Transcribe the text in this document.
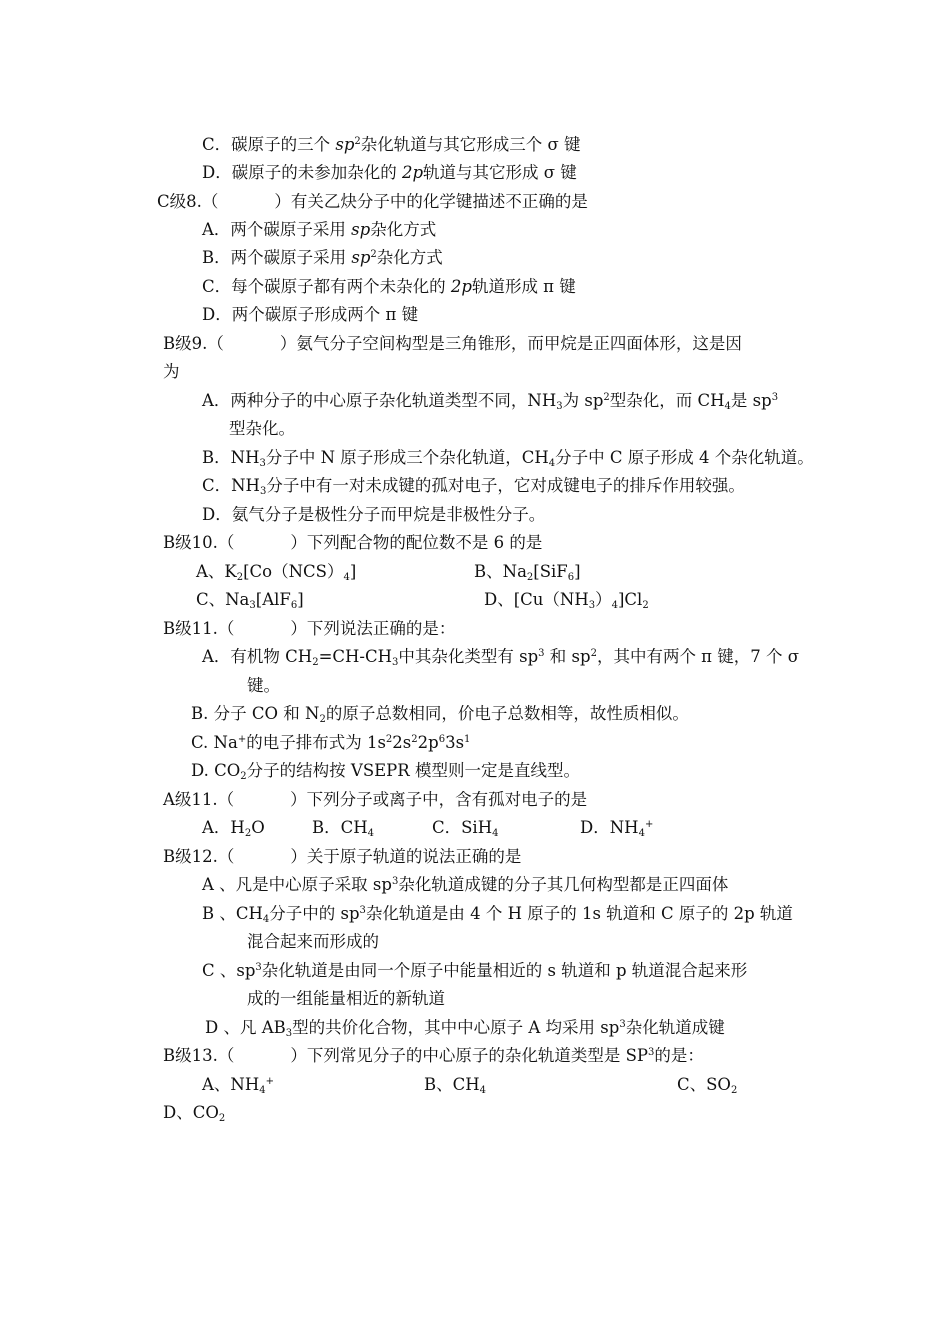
C．碳原子的三个 $sp^2$杂化轨道与其它形成三个 σ 键
D．碳原子的未参加杂化的 2p轨道与其它形成 σ 键
C级8.（	）有关乙炔分子中的化学键描述不正确的是
A．两个碳原子采用 sp杂化方式
B．两个碳原子采用 $sp^2$杂化方式
C．每个碳原子都有两个未杂化的 2p轨道形成 π 键
D．两个碳原子形成两个 π 键
B级9.（	）氨气分子空间构型是三角锥形，而甲烷是正四面体形，这是因
为
A．两种分子的中心原子杂化轨道类型不同，$NH_3$为 $sp^2$型杂化，而 $CH_4$是 $sp^3$
型杂化。
B．$NH_3$分子中 N 原子形成三个杂化轨道，$CH_4$分子中 C 原子形成 4 个杂化轨道。
C．$NH_3$分子中有一对未成键的孤对电子，它对成键电子的排斥作用较强。
D．氨气分子是极性分子而甲烷是非极性分子。
B级10.（	）下列配合物的配位数不是 6 的是
A、$K_2[Co(NCS)_4]$	B、$Na_2[SiF_6]$
C、$Na_3[AlF_6]$	D、$[Cu(NH_3)_4]Cl_2$
B级11.（	）下列说法正确的是：
A．有机物 $CH_2=CH-CH_3$中其杂化类型有 $sp^3$ 和 $sp^2$，其中有两个 π 键，7 个 σ
键。
B. 分子 CO 和 $N_2$的原子总数相同，价电子总数相等，故性质相似。
C. Na+的电子排布式为 $1s^22s^22p^63s^1$
D. $CO_2$分子的结构按 VSEPR 模型则一定是直线型。
A级11.（	）下列分子或离子中，含有孤对电子的是
A．$H_2O$	B．$CH_4$	C．SiH$_4$	D．$NH_4^+$
B级12.（	）关于原子轨道的说法正确的是
A 、凡是中心原子采取 $sp^3$杂化轨道成键的分子其几何构型都是正四面体
B 、$CH_4$分子中的 $sp^3$杂化轨道是由 4 个 H 原子的 1s 轨道和 C 原子的 2p 轨道
混合起来而形成的
C 、$sp^3$杂化轨道是由同一个原子中能量相近的 s 轨道和 p 轨道混合起来形
成的一组能量相近的新轨道
D 、凡 $AB_3$型的共价化合物，其中中心原子 A 均采用 $sp^3$杂化轨道成键
B级13.（	）下列常见分子的中心原子的杂化轨道类型是 $SP^3$的是：
A、$NH_4^+$	B、$CH_4$	C、$SO_2$
D、$CO_2$
